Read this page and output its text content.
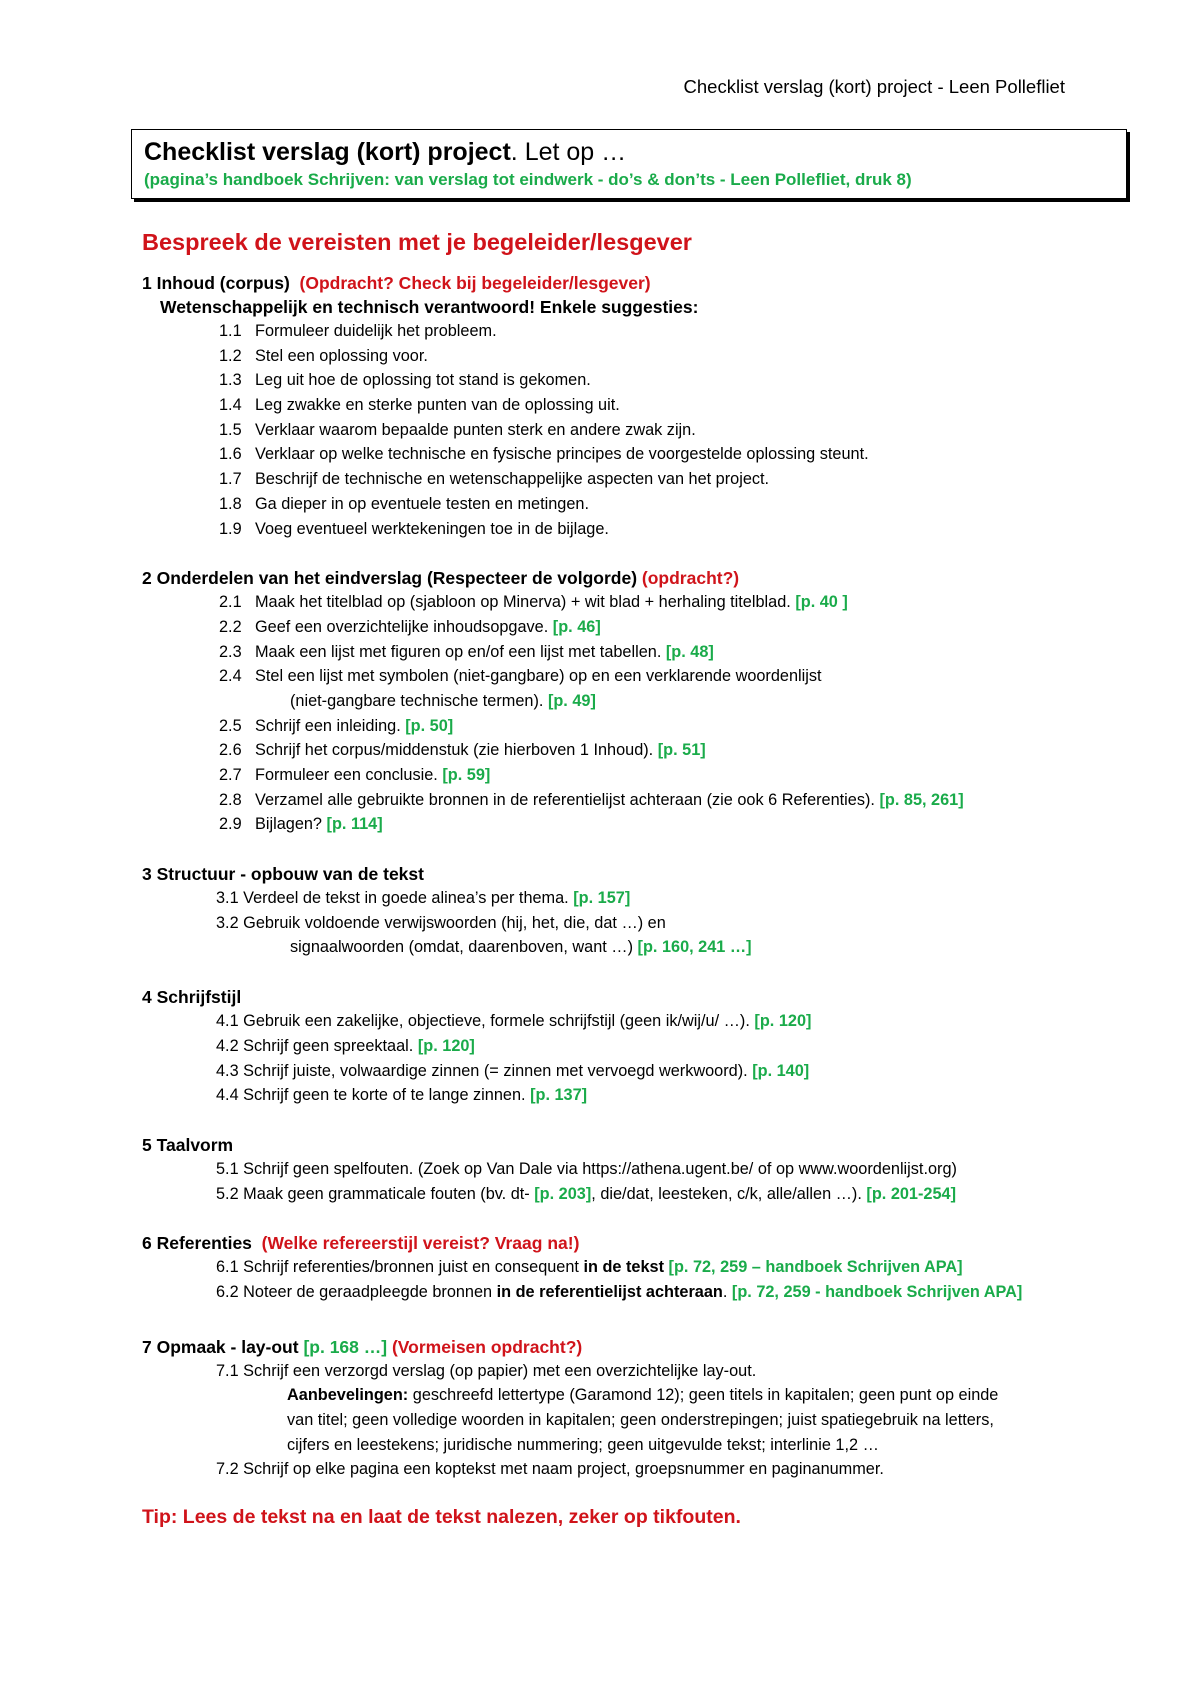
Checklist verslag (kort) project - Leen Pollefliet
Checklist verslag (kort) project. Let op …
(pagina’s handboek Schrijven: van verslag tot eindwerk - do’s & don’ts - Leen Pollefliet, druk 8)
Bespreek de vereisten met je begeleider/lesgever
1 Inhoud (corpus) (Opdracht? Check bij begeleider/lesgever)
Wetenschappelijk en technisch verantwoord! Enkele suggesties:
1.1 Formuleer duidelijk het probleem.
1.2 Stel een oplossing voor.
1.3 Leg uit hoe de oplossing tot stand is gekomen.
1.4 Leg zwakke en sterke punten van de oplossing uit.
1.5 Verklaar waarom bepaalde punten sterk en andere zwak zijn.
1.6 Verklaar op welke technische en fysische principes de voorgestelde oplossing steunt.
1.7 Beschrijf de technische en wetenschappelijke aspecten van het project.
1.8 Ga dieper in op eventuele testen en metingen.
1.9 Voeg eventueel werktekeningen toe in de bijlage.
2 Onderdelen van het eindverslag (Respecteer de volgorde) (opdracht?)
2.1 Maak het titelblad op (sjabloon op Minerva) + wit blad + herhaling titelblad. [p. 40 ]
2.2 Geef een overzichtelijke inhoudsopgave. [p. 46]
2.3 Maak een lijst met figuren op en/of een lijst met tabellen. [p. 48]
2.4 Stel een lijst met symbolen (niet-gangbare) op en een verklarende woordenlijst
(niet-gangbare technische termen). [p. 49]
2.5 Schrijf een inleiding. [p. 50]
2.6 Schrijf het corpus/middenstuk (zie hierboven 1 Inhoud). [p. 51]
2.7 Formuleer een conclusie. [p. 59]
2.8 Verzamel alle gebruikte bronnen in de referentielijst achteraan (zie ook 6 Referenties). [p. 85, 261]
2.9 Bijlagen? [p. 114]
3 Structuur - opbouw van de tekst
3.1 Verdeel de tekst in goede alinea’s per thema. [p. 157]
3.2 Gebruik voldoende verwijswoorden (hij, het, die, dat …) en
signaalwoorden (omdat, daarenboven, want …) [p. 160, 241 …]
4 Schrijfstijl
4.1 Gebruik een zakelijke, objectieve, formele schrijfstijl (geen ik/wij/u/ …). [p. 120]
4.2 Schrijf geen spreektaal. [p. 120]
4.3 Schrijf juiste, volwaardige zinnen (= zinnen met vervoegd werkwoord). [p. 140]
4.4 Schrijf geen te korte of te lange zinnen. [p. 137]
5 Taalvorm
5.1 Schrijf geen spelfouten. (Zoek op Van Dale via https://athena.ugent.be/ of op www.woordenlijst.org)
5.2 Maak geen grammaticale fouten (bv. dt- [p. 203], die/dat, leesteken, c/k, alle/allen …). [p. 201-254]
6 Referenties (Welke refereerstijl vereist? Vraag na!)
6.1 Schrijf referenties/bronnen juist en consequent in de tekst [p. 72, 259 – handboek Schrijven APA]
6.2 Noteer de geraadpleegde bronnen in de referentielijst achteraan. [p. 72, 259 - handboek Schrijven APA]
7 Opmaak - lay-out [p. 168 …] (Vormeisen opdracht?)
7.1 Schrijf een verzorgd verslag (op papier) met een overzichtelijke lay-out.
Aanbevelingen: geschreefd lettertype (Garamond 12); geen titels in kapitalen; geen punt op einde
van titel; geen volledige woorden in kapitalen; geen onderstrepingen; juist spatiegebruik na letters,
cijfers en leestekens; juridische nummering; geen uitgevulde tekst; interlinie 1,2 …
7.2 Schrijf op elke pagina een koptekst met naam project, groepsnummer en paginanummer.
Tip: Lees de tekst na en laat de tekst nalezen, zeker op tikfouten.
